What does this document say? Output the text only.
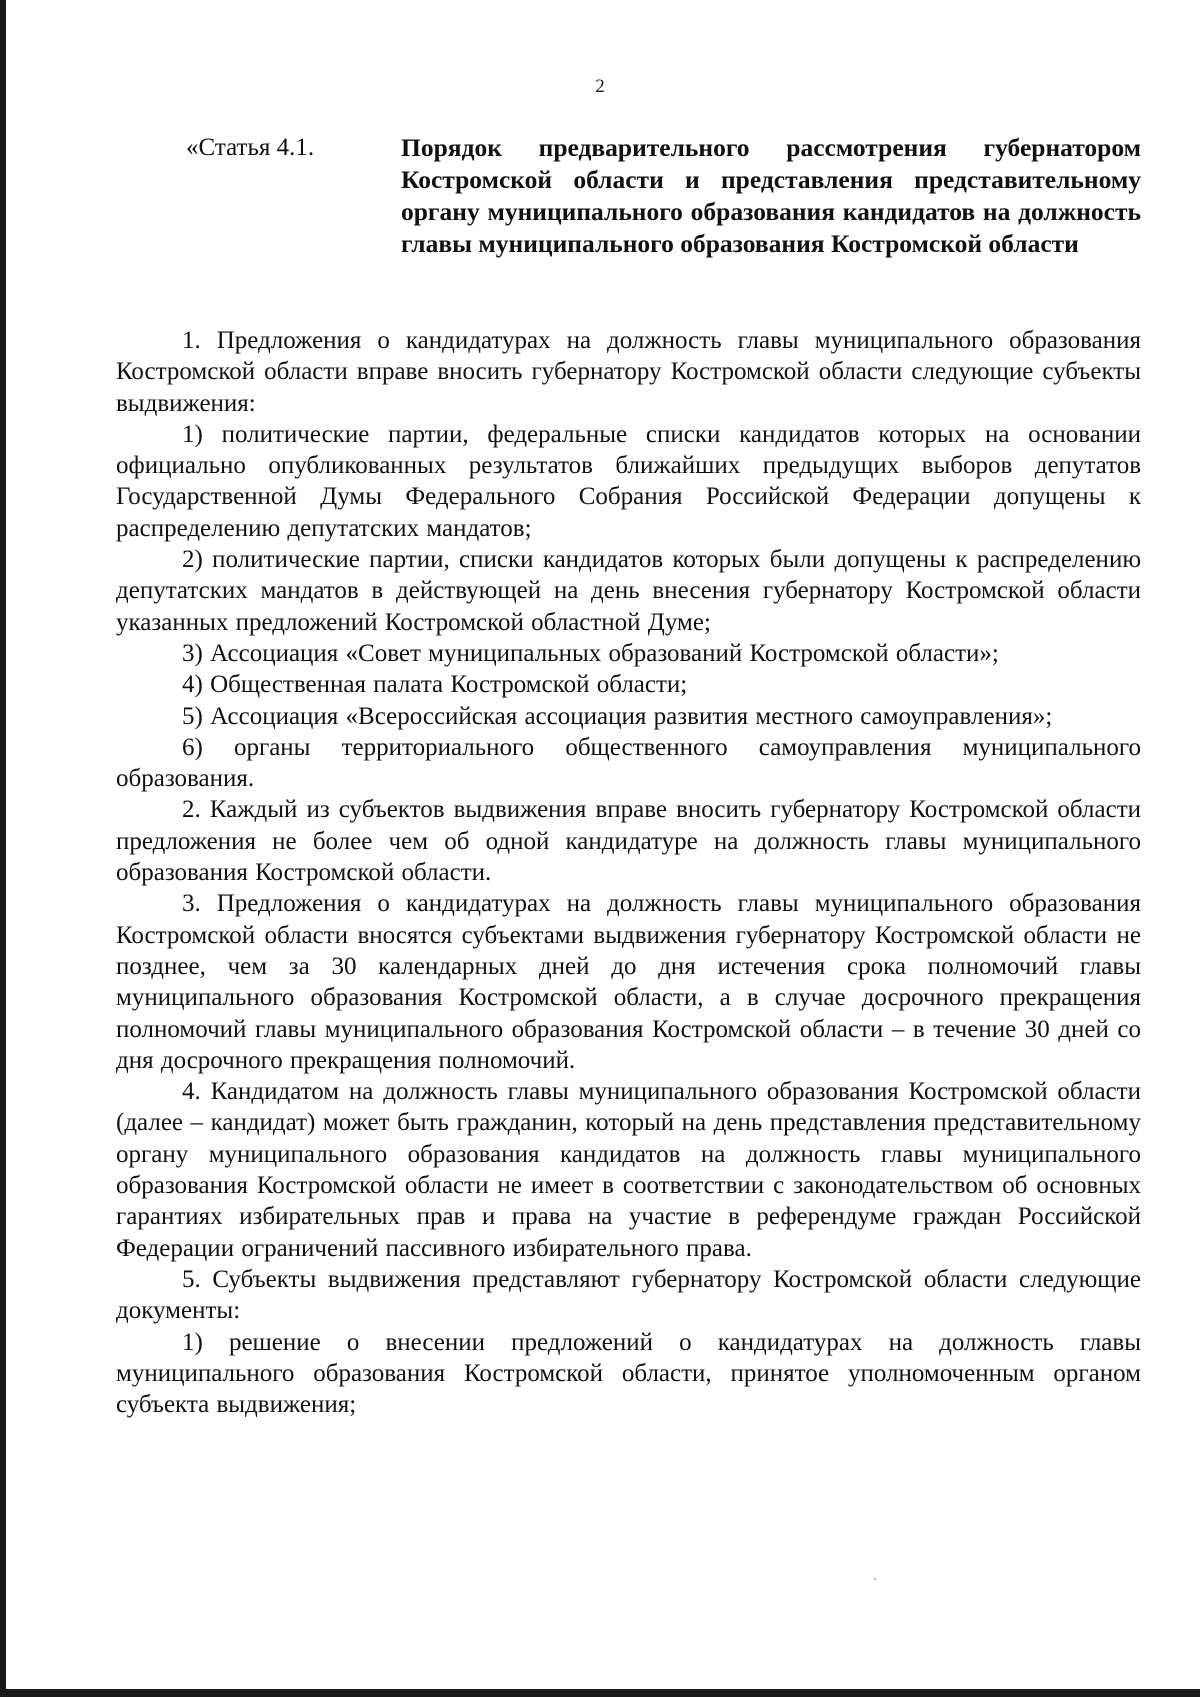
2
«Статья 4.1.	Порядок предварительного рассмотрения губернатором Костромской области и представления представительному органу муниципального образования кандидатов на должность главы муниципального образования Костромской области

1. Предложения о кандидатурах на должность главы муниципального образования Костромской области вправе вносить губернатору Костромской области следующие субъекты выдвижения:

1) политические партии, федеральные списки кандидатов которых на основании официально опубликованных результатов ближайших предыдущих выборов депутатов Государственной Думы Федерального Собрания Российской Федерации допущены к распределению депутатских мандатов;

2) политические партии, списки кандидатов которых были допущены к распределению депутатских мандатов в действующей на день внесения губернатору Костромской области указанных предложений Костромской областной Думе;

3) Ассоциация «Совет муниципальных образований Костромской области»;

4) Общественная палата Костромской области;

5) Ассоциация «Всероссийская ассоциация развития местного самоуправления»;

6) органы территориального общественного самоуправления муниципального образования.

2. Каждый из субъектов выдвижения вправе вносить губернатору Костромской области предложения не более чем об одной кандидатуре на должность главы муниципального образования Костромской области.

3. Предложения о кандидатурах на должность главы муниципального образования Костромской области вносятся субъектами выдвижения губернатору Костромской области не позднее, чем за 30 календарных дней до дня истечения срока полномочий главы муниципального образования Костромской области, а в случае досрочного прекращения полномочий главы муниципального образования Костромской области – в течение 30 дней со дня досрочного прекращения полномочий.

4. Кандидатом на должность главы муниципального образования Костромской области (далее – кандидат) может быть гражданин, который на день представления представительному органу муниципального образования кандидатов на должность главы муниципального образования Костромской области не имеет в соответствии с законодательством об основных гарантиях избирательных прав и права на участие в референдуме граждан Российской Федерации ограничений пассивного избирательного права.

5. Субъекты выдвижения представляют губернатору Костромской области следующие документы:

1) решение о внесении предложений о кандидатурах на должность главы муниципального образования Костромской области, принятое уполномоченным органом субъекта выдвижения;
